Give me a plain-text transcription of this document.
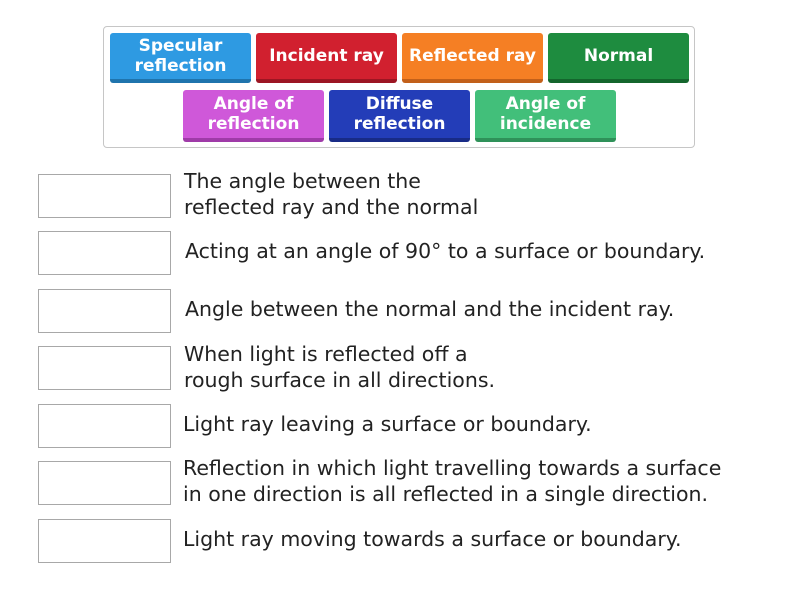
Specular
reflection	Incident ray	Reflected ray	Normal
Angle of
reflection
Diffuse
reflection
Angle of
incidence
The angle between the
reflected ray and the normal
Acting at an angle of 90° to a surface or boundary.
Angle between the normal and the incident ray.
When light is reflected off a
rough surface in all directions.
Light ray leaving a surface or boundary.
Reflection in which light travelling towards a surface
in one direction is all reflected in a single direction.
Light ray moving towards a surface or boundary.
